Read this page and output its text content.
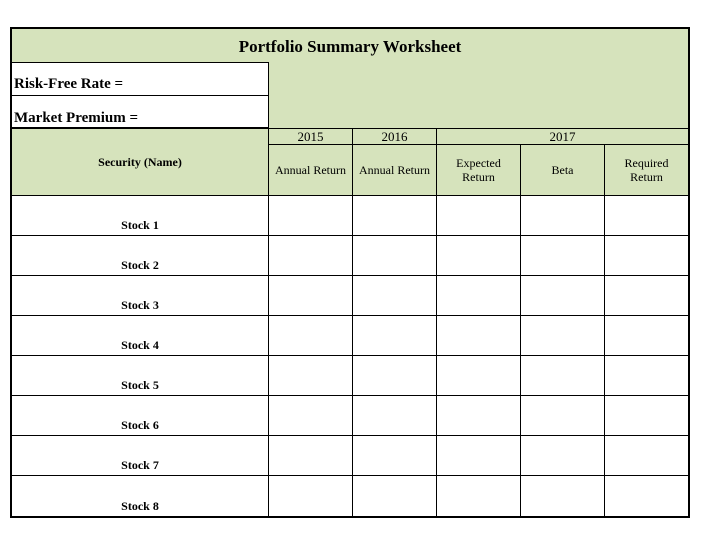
Portfolio Summary Worksheet
Risk-Free Rate =
Market Premium =
Security (Name)
2015	2016	2017
Annual Return	Annual Return	Expected Return	Beta	Required Return
Stock 1
Stock 2
Stock 3
Stock 4
Stock 5
Stock 6
Stock 7
Stock 8
